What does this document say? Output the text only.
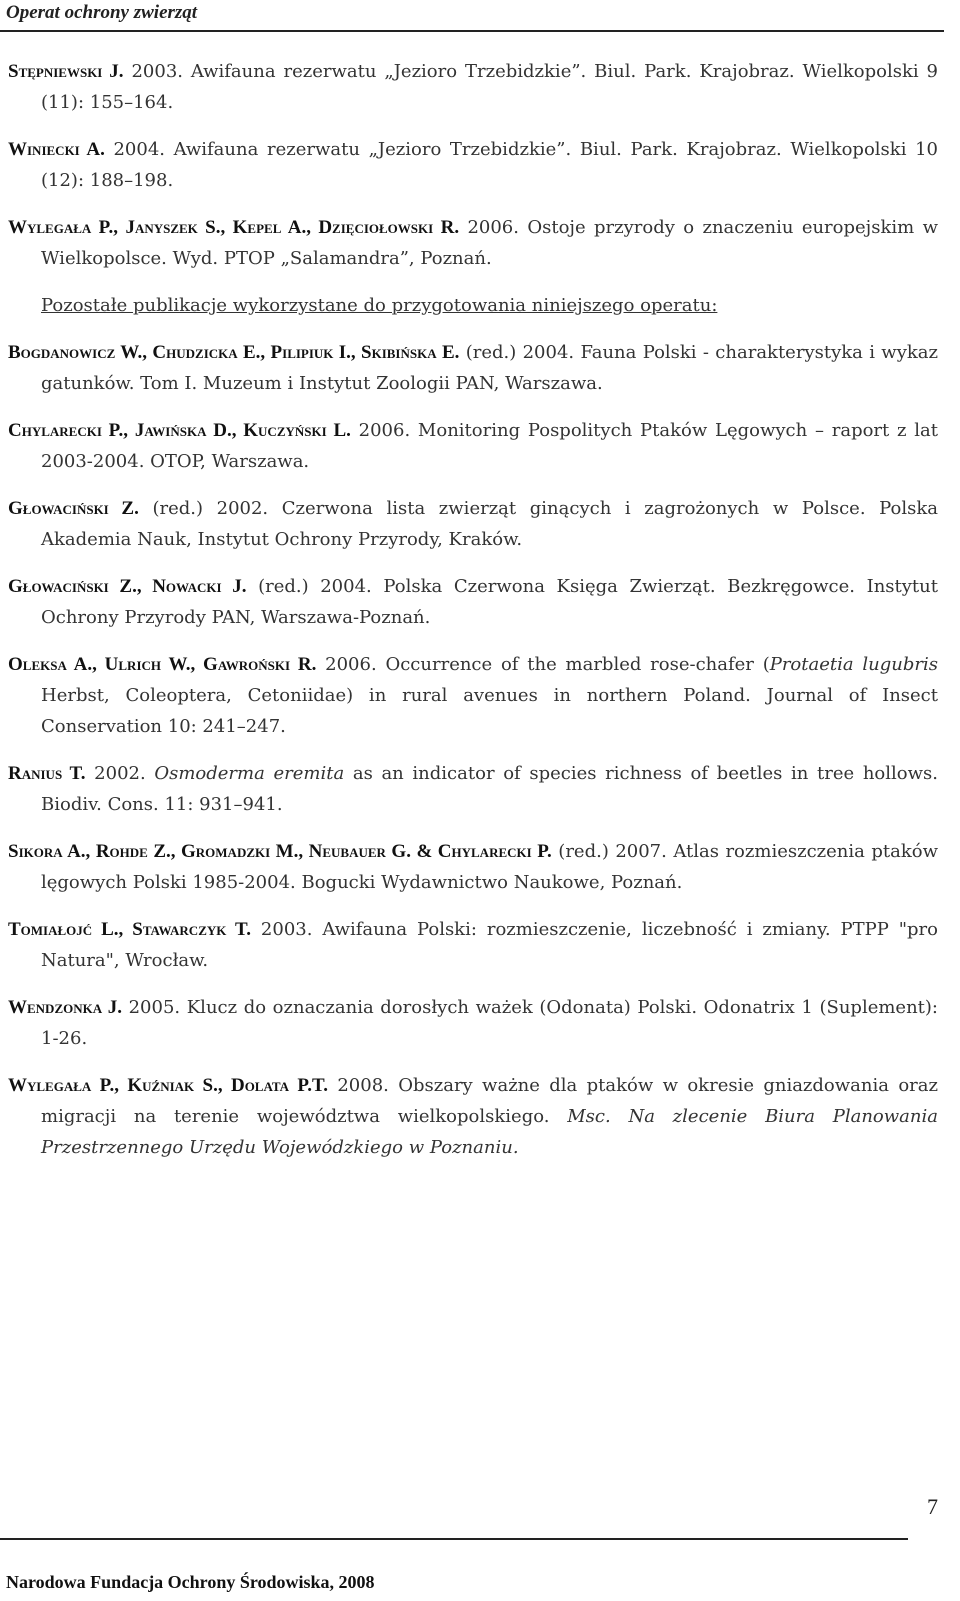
Operat ochrony zwierząt

Stępniewski J. 2003. Awifauna rezerwatu „Jezioro Trzebidzkie”. Biul. Park. Krajobraz. Wielkopolski 9 (11): 155–164.

Winiecki A. 2004. Awifauna rezerwatu „Jezioro Trzebidzkie”. Biul. Park. Krajobraz. Wielkopolski 10 (12): 188–198.

Wylegała P., Janyszek S., Kepel A., Dzięciołowski R. 2006. Ostoje przyrody o znaczeniu europejskim w Wielkopolsce. Wyd. PTOP „Salamandra”, Poznań.

Pozostałe publikacje wykorzystane do przygotowania niniejszego operatu:

Bogdanowicz W., Chudzicka E., Pilipiuk I., Skibińska E. (red.) 2004. Fauna Polski - charakterystyka i wykaz gatunków. Tom I. Muzeum i Instytut Zoologii PAN, Warszawa.

Chylarecki P., Jawińska D., Kuczyński L. 2006. Monitoring Pospolitych Ptaków Lęgowych – raport z lat 2003-2004. OTOP, Warszawa.

Głowaciński Z. (red.) 2002. Czerwona lista zwierząt ginących i zagrożonych w Polsce. Polska Akademia Nauk, Instytut Ochrony Przyrody, Kraków.

Głowaciński Z., Nowacki J. (red.) 2004. Polska Czerwona Księga Zwierząt. Bezkręgowce. Instytut Ochrony Przyrody PAN, Warszawa-Poznań.

Oleksa A., Ulrich W., Gawroński R. 2006. Occurrence of the marbled rose-chafer (Protaetia lugubris Herbst, Coleoptera, Cetoniidae) in rural avenues in northern Poland. Journal of Insect Conservation 10: 241–247.

Ranius T. 2002. Osmoderma eremita as an indicator of species richness of beetles in tree hollows. Biodiv. Cons. 11: 931–941.

Sikora A., Rohde Z., Gromadzki M., Neubauer G. & Chylarecki P. (red.) 2007. Atlas rozmieszczenia ptaków lęgowych Polski 1985-2004. Bogucki Wydawnictwo Naukowe, Poznań.

Tomiałojć L., Stawarczyk T. 2003. Awifauna Polski: rozmieszczenie, liczebność i zmiany. PTPP "pro Natura", Wrocław.

Wendzonka J. 2005. Klucz do oznaczania dorosłych ważek (Odonata) Polski. Odonatrix 1 (Suplement): 1-26.

Wylegała P., Kuźniak S., Dolata P.T. 2008. Obszary ważne dla ptaków w okresie gniazdowania oraz migracji na terenie województwa wielkopolskiego. Msc. Na zlecenie Biura Planowania Przestrzennego Urzędu Wojewódzkiego w Poznaniu.

7
Narodowa Fundacja Ochrony Środowiska, 2008
